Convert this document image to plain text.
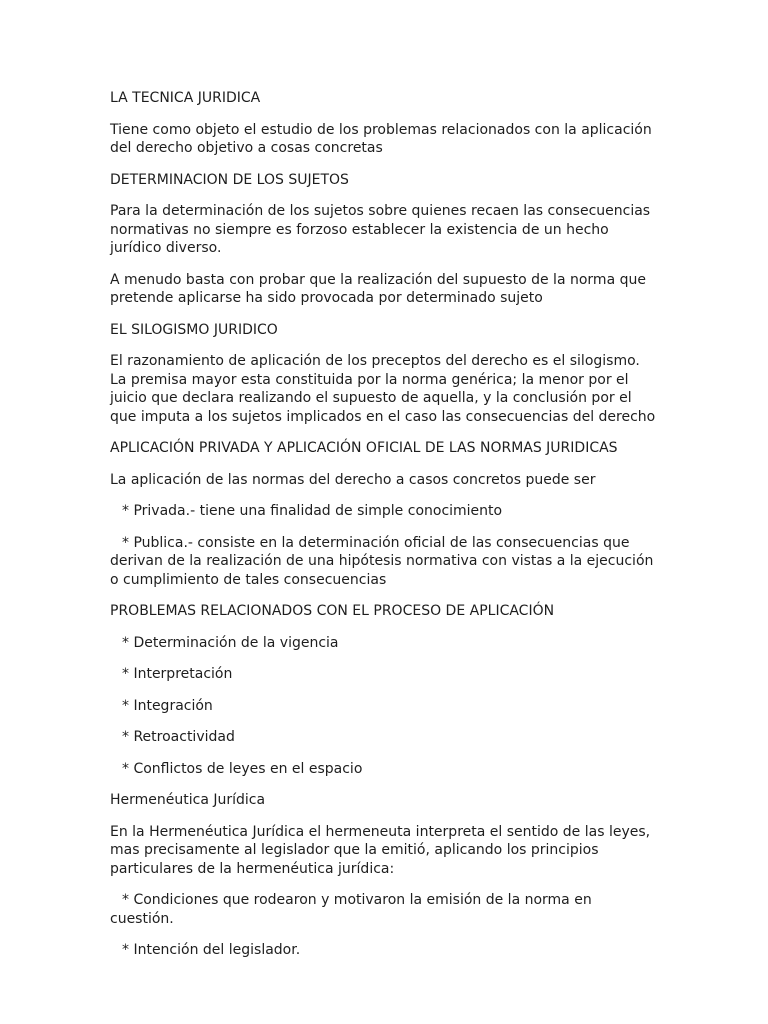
LA TECNICA JURIDICA

Tiene como objeto el estudio de los problemas relacionados con la aplicación del derecho objetivo a cosas concretas

DETERMINACION DE LOS SUJETOS

Para la determinación de los sujetos sobre quienes recaen las consecuencias normativas no siempre es forzoso establecer la existencia de un hecho jurídico diverso.

A menudo basta con probar que la realización del supuesto de la norma que pretende aplicarse ha sido provocada por determinado sujeto

EL SILOGISMO JURIDICO

El razonamiento de aplicación de los preceptos del derecho es el silogismo. La premisa mayor esta constituida por la norma genérica; la menor por el juicio que declara realizando el supuesto de aquella, y la conclusión por el que imputa a los sujetos implicados en el caso las consecuencias del derecho

APLICACIÓN PRIVADA Y APLICACIÓN OFICIAL DE LAS NORMAS JURIDICAS

La aplicación de las normas del derecho a casos concretos puede ser

* Privada.- tiene una finalidad de simple conocimiento

* Publica.- consiste en la determinación oficial de las consecuencias que derivan de la realización de una hipótesis normativa con vistas a la ejecución o cumplimiento de tales consecuencias

PROBLEMAS RELACIONADOS CON EL PROCESO DE APLICACIÓN

* Determinación de la vigencia

* Interpretación

* Integración

* Retroactividad

* Conflictos de leyes en el espacio

Hermenéutica Jurídica

En la Hermenéutica Jurídica el hermeneuta interpreta el sentido de las leyes, mas precisamente al legislador que la emitió, aplicando los principios particulares de la hermenéutica jurídica:

* Condiciones que rodearon y motivaron la emisión de la norma en cuestión.

* Intención del legislador.
